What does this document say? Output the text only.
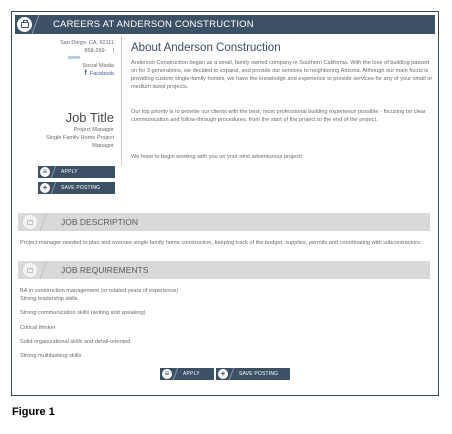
CAREERS AT ANDERSON CONSTRUCTION
San Diego, CA, 92111
858-269- |
www
Social Media
f Facebook
Job Title
Project Manager
Single Family Home Project
Manager
≡	APPLY
+	SAVE POSTING
About Anderson Construction
Anderson Construction began as a small, family owned company in Southern California. With the love of building passed on for 3 generations, we decided to expand, and provide our services to neighboring Arizona. Although our main focus is providing custom single-family homes, we have the knowledge and experience to provide services for any of your small or medium sized projects.
Our top priority is to provide our clients with the best, most professional building experience possible - focusing on clear communication and follow-through procedures, from the start of the project to the end of the project.
We hope to begin working with you on your next adventurous project!
JOB DESCRIPTION
Project manager needed to plan and oversee single family home construction, keeping track of the budget, supplies, permits and coordinating with subcontractors.
JOB REQUIREMENTS
BA in construction management (or related years of experience)
Strong leadership skills
Strong communication skills (writing and speaking)
Critical thinker
Solid organizational skills and detail-oriented
Strong multitasking skills
≡	APPLY	+	SAVE POSTING
Figure 1
